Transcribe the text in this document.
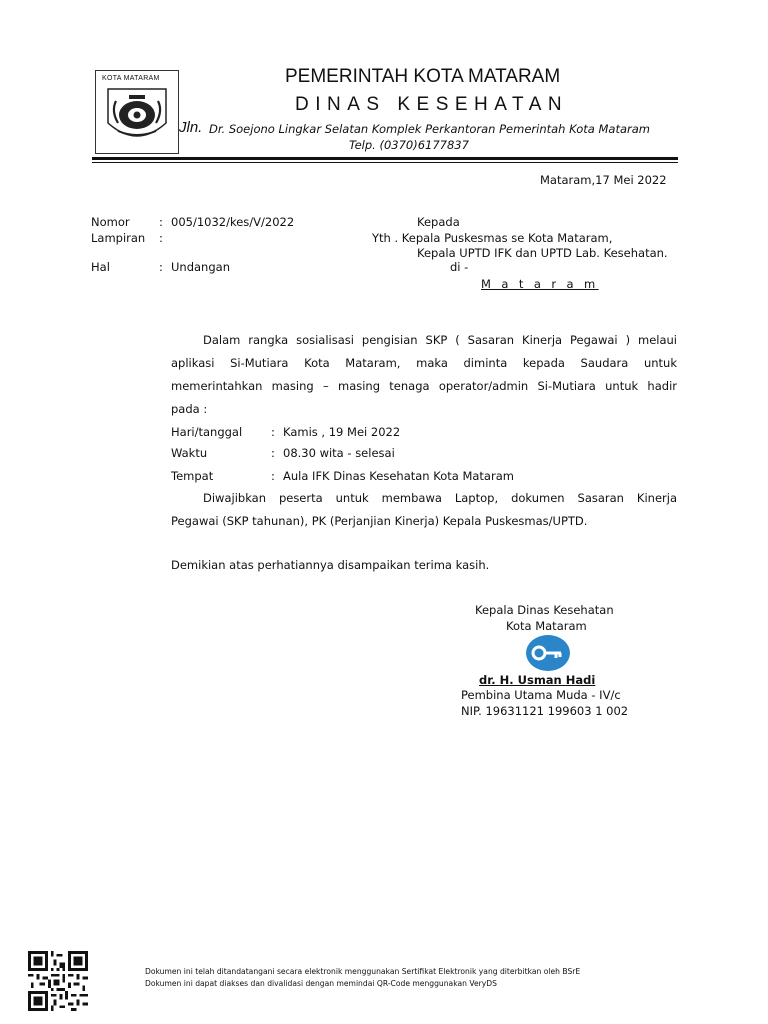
KOTA MATARAM	PEMERINTAH KOTA MATARAM
DINAS KESEHATAN
Jln. Dr. Soejono Lingkar Selatan Komplek Perkantoran Pemerintah Kota Mataram
Telp. (0370)6177837
Mataram,17 Mei 2022
Nomor	: 005/1032/kes/V/2022
Lampiran :
Hal	: Undangan
Kepada
Yth . Kepala Puskesmas se Kota Mataram,
Kepala UPTD IFK dan UPTD Lab. Kesehatan.
di -
M a t a r a m
Dalam rangka sosialisasi pengisian SKP ( Sasaran Kinerja Pegawai ) melaui
aplikasi Si-Mutiara Kota Mataram, maka diminta kepada Saudara untuk
memerintahkan masing – masing tenaga operator/admin Si-Mutiara untuk hadir
pada :
Hari/tanggal	: Kamis , 19 Mei 2022
Waktu	: 08.30 wita - selesai
Tempat	: Aula IFK Dinas Kesehatan Kota Mataram
Diwajibkan peserta untuk membawa Laptop, dokumen Sasaran Kinerja
Pegawai (SKP tahunan), PK (Perjanjian Kinerja) Kepala Puskesmas/UPTD.
Demikian atas perhatiannya disampaikan terima kasih.
Kepala Dinas Kesehatan
Kota Mataram
dr. H. Usman Hadi
Pembina Utama Muda - IV/c
NIP. 19631121 199603 1 002
Dokumen ini telah ditandatangani secara elektronik menggunakan Sertifikat Elektronik yang diterbitkan oleh BSrE
Dokumen ini dapat diakses dan divalidasi dengan memindai QR-Code menggunakan VeryDS
